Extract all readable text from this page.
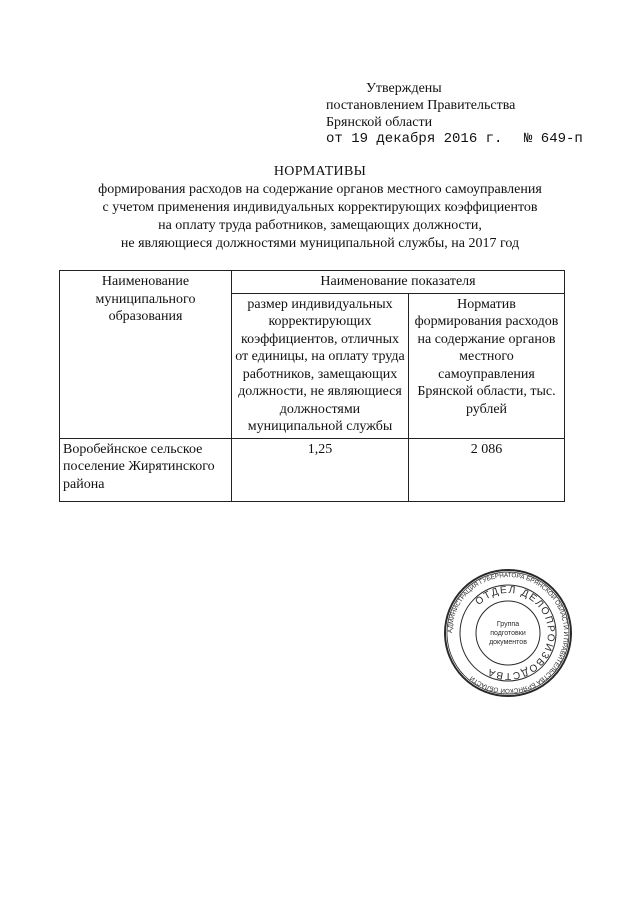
Утверждены
постановлением Правительства
Брянской области
от 19 декабря 2016 г.	№ 649-п
НОРМАТИВЫ
формирования расходов на содержание органов местного самоуправления
с учетом применения индивидуальных корректирующих коэффициентов
на оплату труда работников, замещающих должности,
не являющиеся должностями муниципальной службы, на 2017 год
Наименование муниципального образования	Наименование показателя	
	размер индивидуальных корректирующих коэффициентов, отличных от единицы, на оплату труда работников, замещающих должности, не являющиеся должностями муниципальной службы	Норматив формирования расходов на содержание органов местного самоуправления Брянской области, тыс. рублей
Воробейнское сельское поселение Жирятинского района	1,25	2 086
АДМИНИСТРАЦИЯ ГУБЕРНАТОРА БРЯНСКОЙ ОБЛАСТИ И ПРАВИТЕЛЬСТВА БРЯНСКОЙ ОБЛАСТИ
ОТДЕЛ ДЕЛОПРОИЗВОДСТВА
Группа
подготовки
документов
